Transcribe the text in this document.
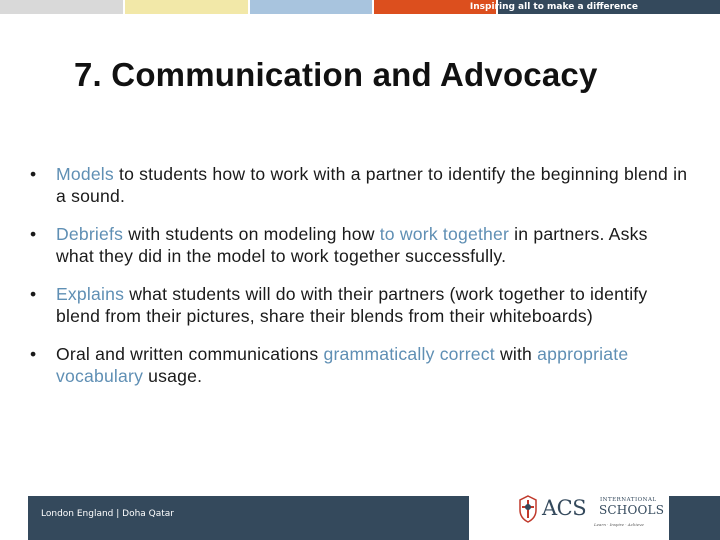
Inspiring all to make a difference
7. Communication and Advocacy
• Models to students how to work with a partner to identify the beginning blend in a sound.
• Debriefs with students on modeling how to work together in partners. Asks what they did in the model to work together successfully.
• Explains what students will do with their partners (work together to identify blend from their pictures, share their blends from their whiteboards)
• Oral and written communications grammatically correct with appropriate vocabulary usage.
London England | Doha Qatar	ACS	INTERNATIONAL
SCHOOLS
Learn · Inspire · Achieve
